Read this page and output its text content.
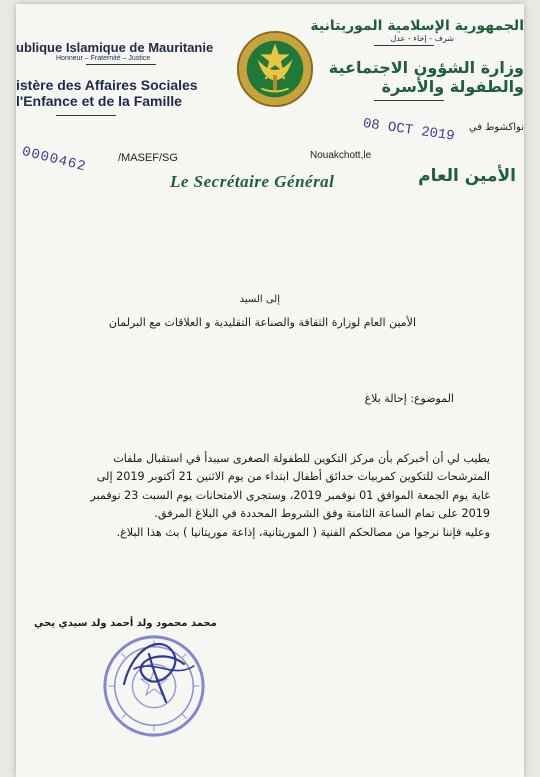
ublique Islamique de Mauritanie
Honneur – Fraternité – Justice
istère des Affaires Sociales
l'Enfance et de la Famille
الجمهورية الإسلامية الموريتانية
شرف - إخاء - عدل
وزارة الشؤون الاجتماعية
والطفولة والأسرة
0000462	/MASEF/SG	Nouakchott,le
08 OCT 2019 نواكشوط في
الأمين العام
Le Secrétaire Général
إلى السيد
الأمين العام لوزارة الثقافة والصناعة التقليدية و العلاقات مع البرلمان
الموضوع: إحالة بلاغ
يطيب لي أن أخبركم بأن مركز التكوين للطفولة الصغرى سيبدأ في استقبال ملفات
المترشحات للتكوين كمربيات حدائق أطفال ابتداء من يوم الاثنين 21 أكتوبر 2019 إلى
غاية يوم الجمعة الموافق 01 نوفمبر 2019، وستجرى الامتحانات يوم السبت 23 نوفمبر
2019 على تمام الساعة الثامنة وفق الشروط المحددة في البلاغ المرفق.
وعليه فإننا نرجوا من مصالحكم الفنية ( الموريتانية، إذاعة موريتانيا ) بث هذا البلاغ.
محمد محمود ولد أحمد ولد سيدي يحي
